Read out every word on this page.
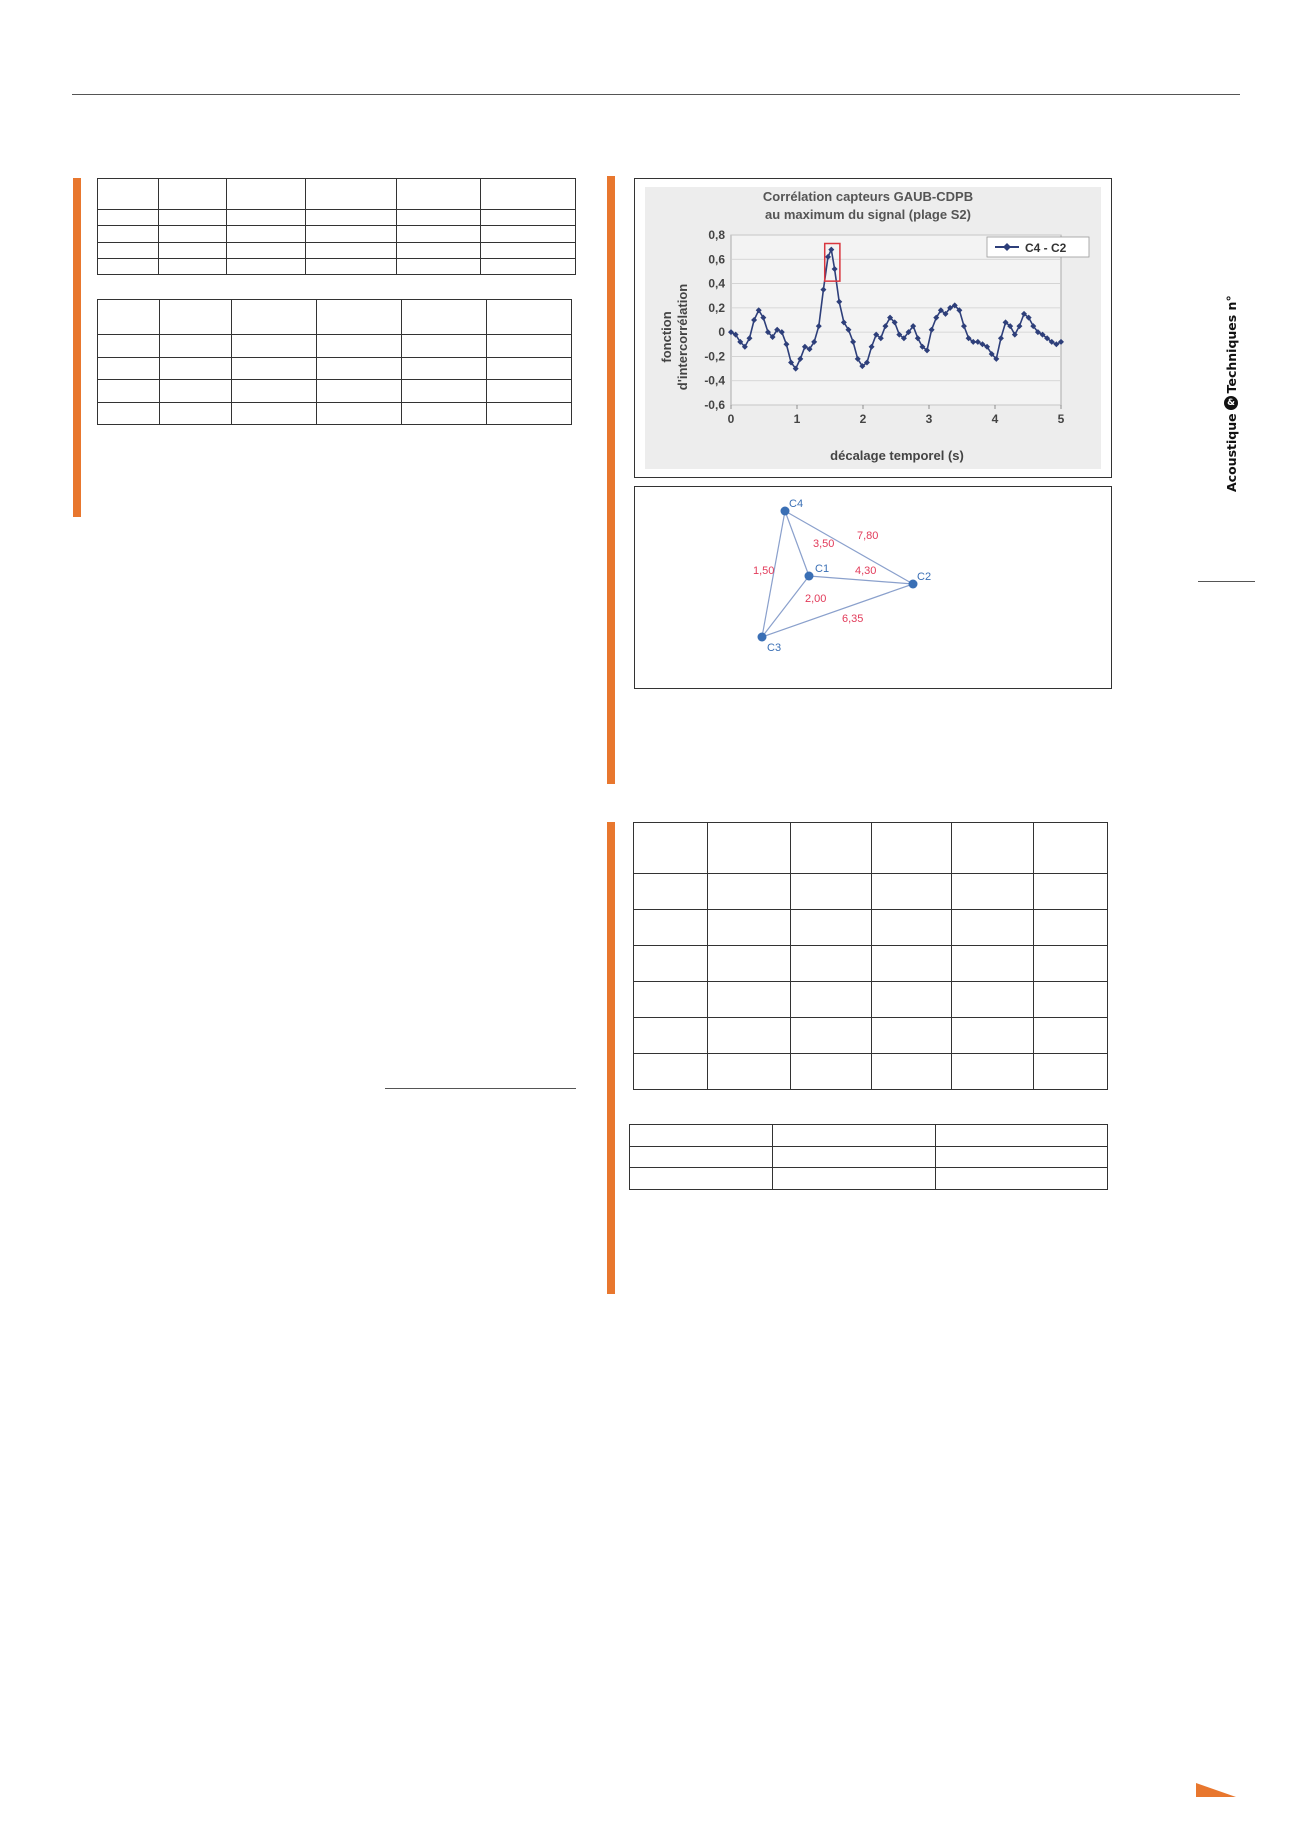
Corrélation capteurs GAUB-CDPB
au maximum du signal (plage S2)
0,8
0,6
0,4
0,2
0
-0,2
-0,4
-0,6
0	1	2	3	4	5
C4 - C2
décalage temporel (s)
fonction d'intercorrélation
7,80
3,50
4,30
1,50
2,00
6,35
C4
C1
C2
C3

Acoustique
&
Techniques n°
